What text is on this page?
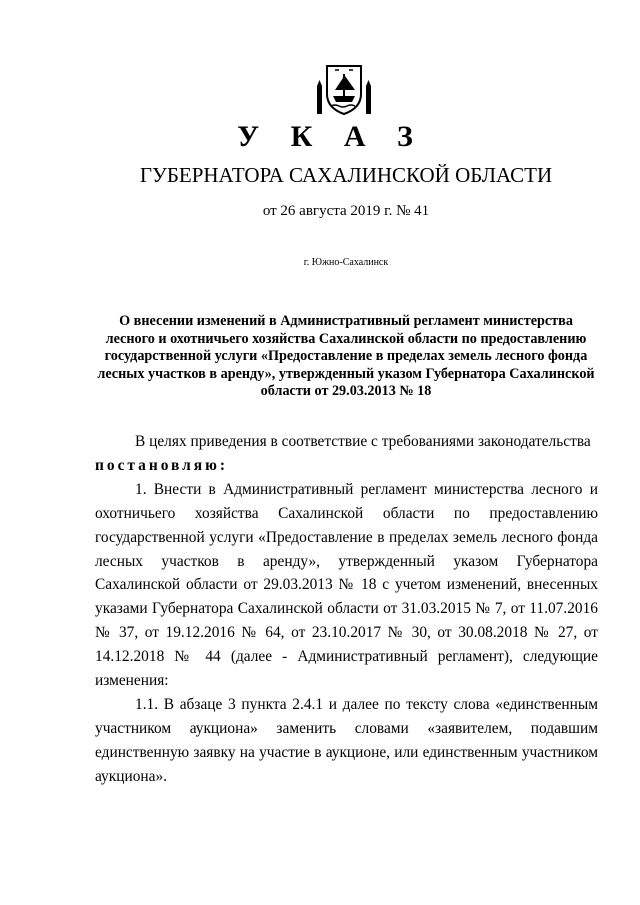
У К А З
ГУБЕРНАТОРА САХАЛИНСКОЙ ОБЛАСТИ
от 26 августа 2019 г. № 41
г. Южно-Сахалинск
О внесении изменений в Административный регламент министерства лесного и охотничьего хозяйства Сахалинской области по предоставлению государственной услуги «Предоставление в пределах земель лесного фонда лесных участков в аренду», утвержденный указом Губернатора Сахалинской области от 29.03.2013 № 18

В целях приведения в соответствие с требованиями законодательства

постановляю:

1. Внести в Административный регламент министерства лесного и охотничьего хозяйства Сахалинской области по предоставлению государственной услуги «Предоставление в пределах земель лесного фонда лесных участков в аренду», утвержденный указом Губернатора Сахалинской области от 29.03.2013 № 18 с учетом изменений, внесенных указами Губернатора Сахалинской области от 31.03.2015 № 7, от 11.07.2016 № 37, от 19.12.2016 № 64, от 23.10.2017 № 30, от 30.08.2018 № 27, от 14.12.2018 № 44 (далее - Административный регламент), следующие изменения:

1.1. В абзаце 3 пункта 2.4.1 и далее по тексту слова «единственным участником аукциона» заменить словами «заявителем, подавшим единственную заявку на участие в аукционе, или единственным участником аукциона».
